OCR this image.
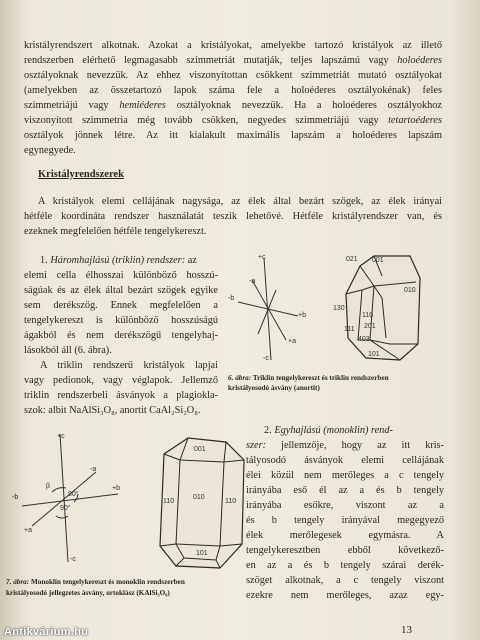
kristályrendszert alkotnak. Azokat a kristályokat, amelyekbe tartozó kristályok az illető
rendszerben elérhető legmagasabb szimmetriát mutatják, teljes lapszámú vagy holoéderes
osztályoknak nevezzük. Az ehhez viszonyítottan csökkent szimmetriát mutató osztályokat
(amelyekben az összetartozó lapok száma fele a holoéderes osztályokénak) feles
szimmetriájú vagy hemiéderes osztályoknak nevezzük. Ha a holoéderes osztályokhoz
viszonyított szimmetria még tovább csökken, negyedes szimmetriájú vagy tetartoéderes
osztályok jönnek létre. Az itt kialakult maximális lapszám a holoéderes lapszám
egynegyede.
Kristályrendszerek
A kristályok elemi cellájának nagysága, az élek által bezárt szögek, az élek irányai
hétféle koordináta rendszer használatát teszik lehetővé. Hétféle kristályrendszer van, és
ezeknek megfelelően hétféle tengelykereszt.
1. Háromhajlású (triklin) rendszer: az
elemi cella élhosszai különböző hosszú-
ságúak és az élek által bezárt szögek egyike
sem derékszög. Ennek megfelelően a
tengelykereszt is különböző hosszúságú
ágakból és nem derékszögű tengelyhaj-
lásokból áll (6. ábra).
A triklin rendszerű kristályok lapjai
vagy pedionok, vagy véglapok. Jellemző
triklin rendszerbeli ásványok a plagiokla-
szok: albit NaAlSi₃O₈, anortit CaAl₂Si₂O₈.
+c
-a
-b
+b
+a
-c
021 001
010
130
110
201
403
101
111
6. ábra: Triklin tengelykereszt és triklin rendszerben
kristályosodó ásvány (anortit)
2. Egyhajlású (monoklin) rend-
szer: jellemzője, hogy az itt kris-
tályosodó ásványok elemi cellájának
élei közül nem merőleges a c tengely
irányába eső él az a és b tengely
irányába esőkre, viszont az a
és b tengely irányával megegyező
élek merőlegesek egymásra. A
tengelykeresztben ebből következő-
en az a és b tengely szárai derék-
szöget alkotnak, a c tengely viszont
ezekre nem merőleges, azaz egy-
+c
-a
-b
+b
+a
-c
β
90°
90°
001
110
010
110
101
7. ábra: Monoklin tengelykereszt és monoklin rendszerben
kristályosodó jellegzetes ásvány, ortoklász (KAlSi₃O₈)
13
Antikvárium.hu
